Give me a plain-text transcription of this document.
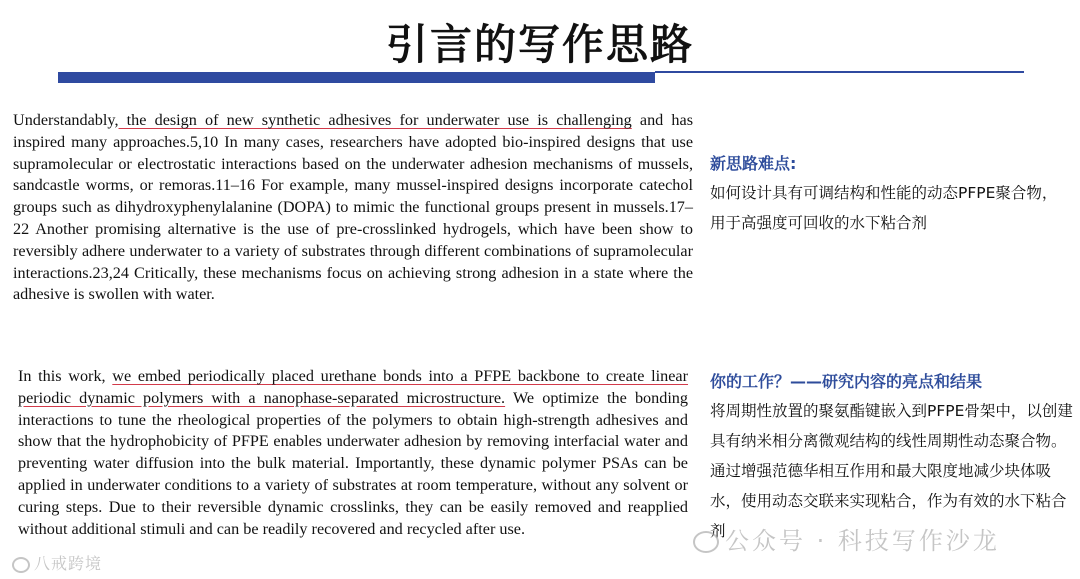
引言的写作思路

Understandably, the design of new synthetic adhesives for underwater use is challenging and has inspired many approaches.5,10 In many cases, researchers have adopted bio-inspired designs that use supramolecular or electrostatic interactions based on the underwater adhesion mechanisms of mussels, sandcastle worms, or remoras.11–16 For example, many mussel-inspired designs incorporate catechol groups such as dihydroxyphenylalanine (DOPA) to mimic the functional groups present in mussels.17–22 Another promising alternative is the use of pre-crosslinked hydrogels, which have been show to reversibly adhere underwater to a variety of substrates through different combinations of supramolecular interactions.23,24 Critically, these mechanisms focus on achieving strong adhesion in a state where the adhesive is swollen with water.

In this work, we embed periodically placed urethane bonds into a PFPE backbone to create linear periodic dynamic polymers with a nanophase-separated microstructure. We optimize the bonding interactions to tune the rheological properties of the polymers to obtain high-strength adhesives and show that the hydrophobicity of PFPE enables underwater adhesion by removing interfacial water and preventing water diffusion into the bulk material. Importantly, these dynamic polymer PSAs can be applied in underwater conditions to a variety of substrates at room temperature, without any solvent or curing steps. Due to their reversible dynamic crosslinks, they can be easily removed and reapplied without additional stimuli and can be readily recovered and recycled after use.

新思路难点:

如何设计具有可调结构和性能的动态PFPE聚合物，用于高强度可回收的水下粘合剂

你的工作？——研究内容的亮点和结果

将周期性放置的聚氨酯键嵌入到PFPE骨架中，以创建具有纳米相分离微观结构的线性周期性动态聚合物。通过增强范德华相互作用和最大限度地减少块体吸水，使用动态交联来实现粘合，作为有效的水下粘合剂 公众号 · 科技写作沙龙
八戒跨境
